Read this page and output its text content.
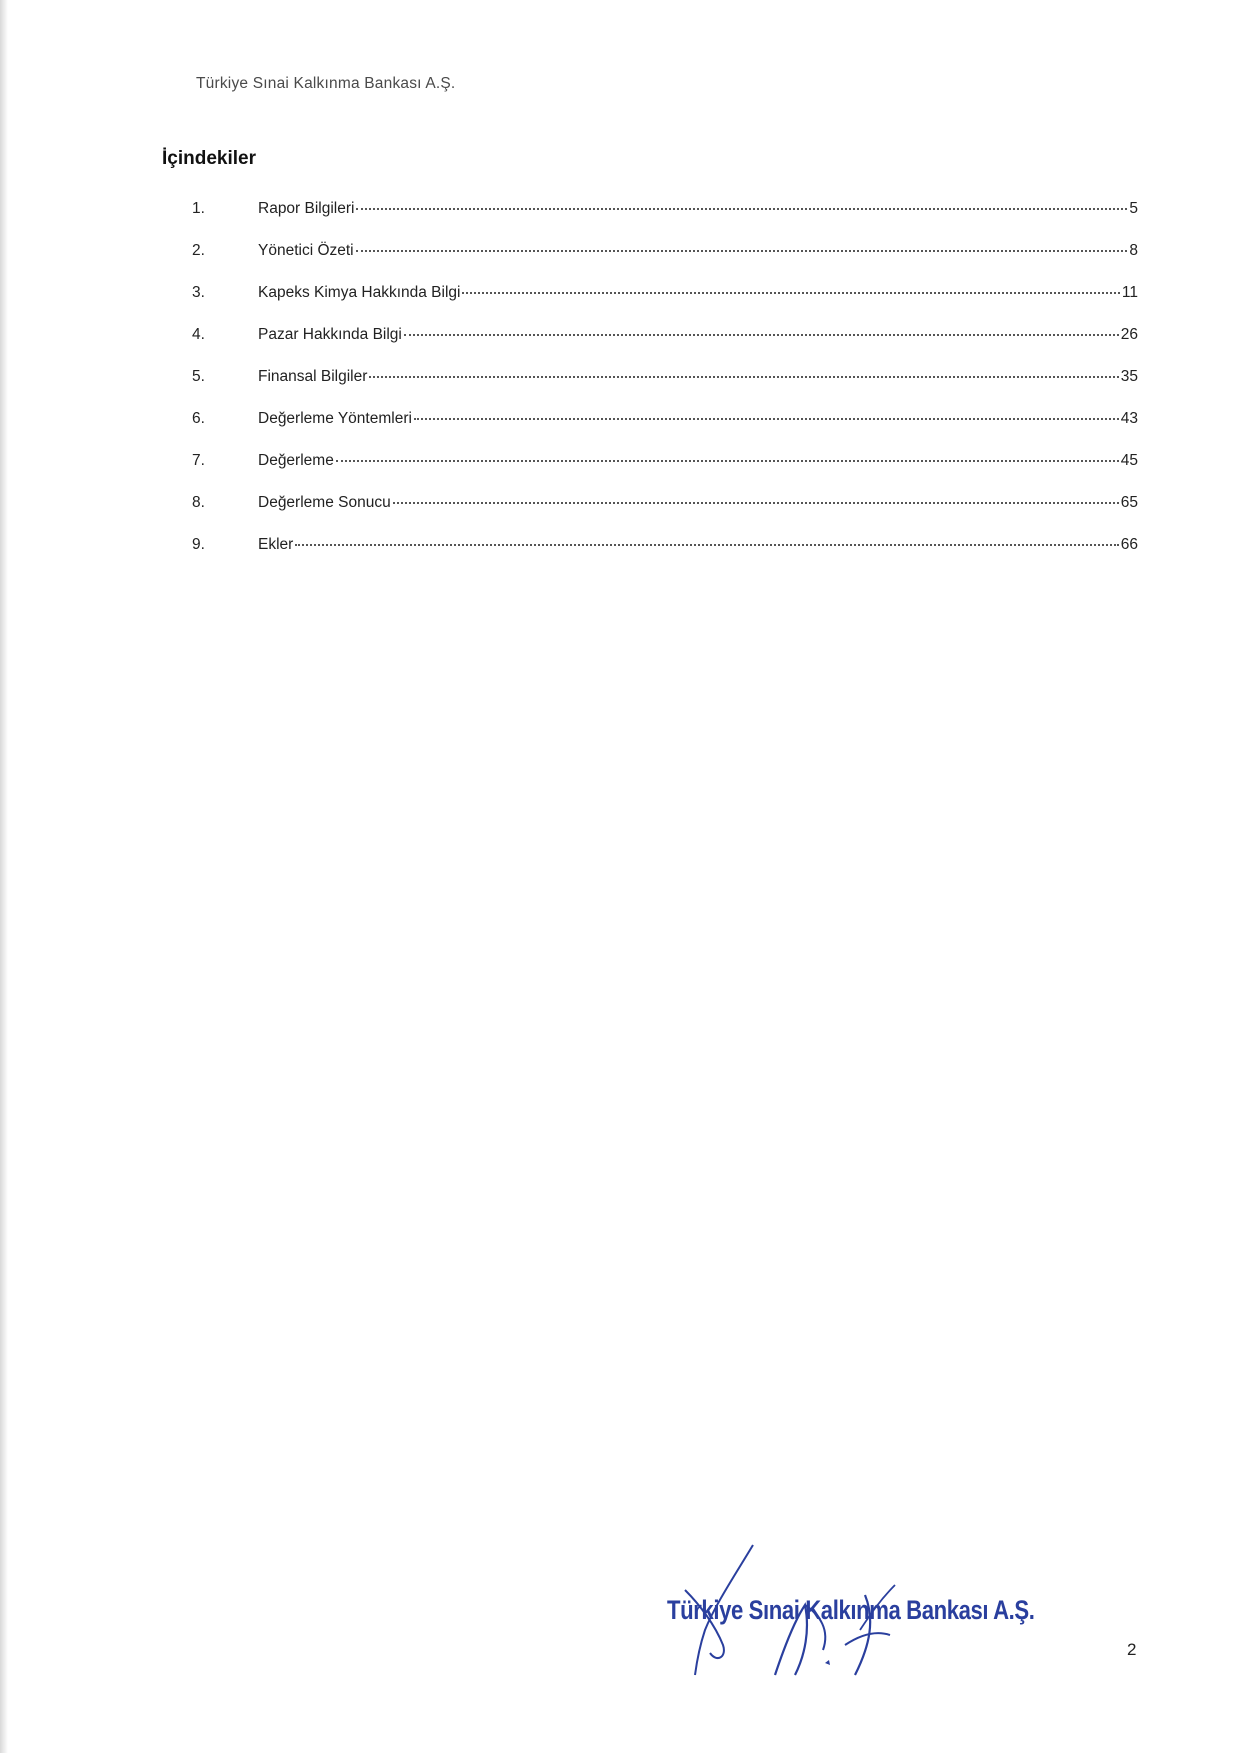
Türkiye Sınai Kalkınma Bankası A.Ş.
İçindekiler
1.	Rapor Bilgileri	5
2.	Yönetici Özeti	8
3.	Kapeks Kimya Hakkında Bilgi	11
4.	Pazar Hakkında Bilgi	26
5.	Finansal Bilgiler	35
6.	Değerleme Yöntemleri	43
7.	Değerleme	45
8.	Değerleme Sonucu	65
9.	Ekler	66
Türkiye Sınai Kalkınma Bankası A.Ş.
2
